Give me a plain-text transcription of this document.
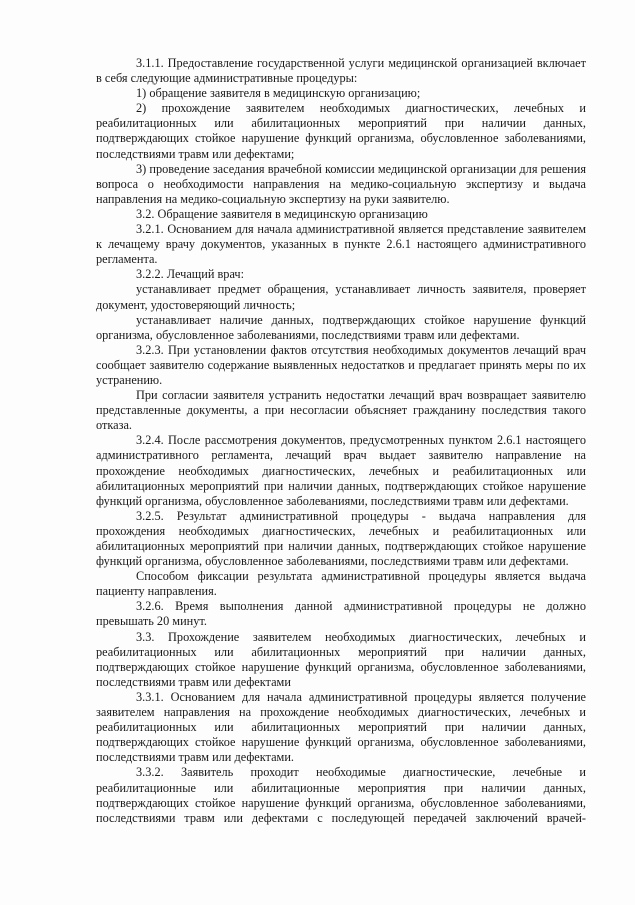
3.1.1. Предоставление государственной услуги медицинской организацией включает в себя следующие административные процедуры:

1) обращение заявителя в медицинскую организацию;

2) прохождение заявителем необходимых диагностических, лечебных и реабилитационных или абилитационных мероприятий при наличии данных, подтверждающих стойкое нарушение функций организма, обусловленное заболеваниями, последствиями травм или дефектами;

3) проведение заседания врачебной комиссии медицинской организации для решения вопроса о необходимости направления на медико-социальную экспертизу и выдача направления на медико-социальную экспертизу на руки заявителю.

3.2. Обращение заявителя в медицинскую организацию

3.2.1. Основанием для начала административной является представление заявителем к лечащему врачу документов, указанных в пункте 2.6.1 настоящего административного регламента.

3.2.2. Лечащий врач:

устанавливает предмет обращения, устанавливает личность заявителя, проверяет документ, удостоверяющий личность;

устанавливает наличие данных, подтверждающих стойкое нарушение функций организма, обусловленное заболеваниями, последствиями травм или дефектами.

3.2.3. При установлении фактов отсутствия необходимых документов лечащий врач сообщает заявителю содержание выявленных недостатков и предлагает принять меры по их устранению.

При согласии заявителя устранить недостатки лечащий врач возвращает заявителю представленные документы, а при несогласии объясняет гражданину последствия такого отказа.

3.2.4. После рассмотрения документов, предусмотренных пунктом 2.6.1 настоящего административного регламента, лечащий врач выдает заявителю направление на прохождение необходимых диагностических, лечебных и реабилитационных или абилитационных мероприятий при наличии данных, подтверждающих стойкое нарушение функций организма, обусловленное заболеваниями, последствиями травм или дефектами.

3.2.5. Результат административной процедуры - выдача направления для прохождения необходимых диагностических, лечебных и реабилитационных или абилитационных мероприятий при наличии данных, подтверждающих стойкое нарушение функций организма, обусловленное заболеваниями, последствиями травм или дефектами.

Способом фиксации результата административной процедуры является выдача пациенту направления.

3.2.6. Время выполнения данной административной процедуры не должно превышать 20 минут.

3.3. Прохождение заявителем необходимых диагностических, лечебных и реабилитационных или абилитационных мероприятий при наличии данных, подтверждающих стойкое нарушение функций организма, обусловленное заболеваниями, последствиями травм или дефектами

3.3.1. Основанием для начала административной процедуры является получение заявителем направления на прохождение необходимых диагностических, лечебных и реабилитационных или абилитационных мероприятий при наличии данных, подтверждающих стойкое нарушение функций организма, обусловленное заболеваниями, последствиями травм или дефектами.

3.3.2. Заявитель проходит необходимые диагностические, лечебные и реабилитационные или абилитационные мероприятия при наличии данных, подтверждающих стойкое нарушение функций организма, обусловленное заболеваниями, последствиями травм или дефектами с последующей передачей заключений врачей-
